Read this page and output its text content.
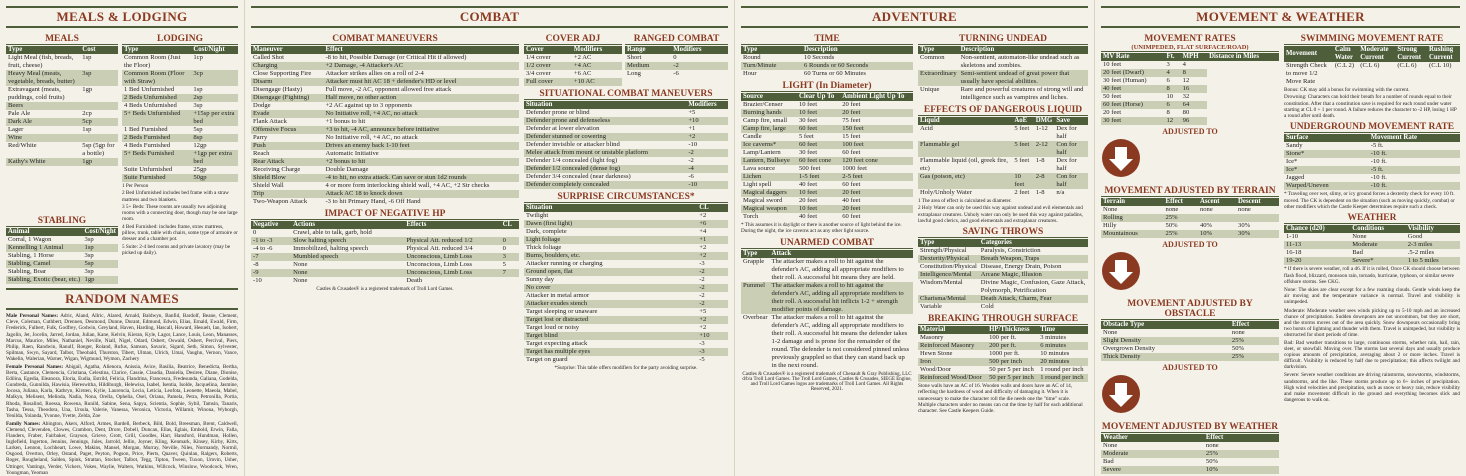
MEALS & LODGING
MEALS
Type	Cost
Light Meal (fish, breads, fruit, cheese)	1sp
Heavy Meal (meats, vegetable, breads, butter)	3sp
Extravagant (meats, puddings, cold fruits)	1gp
Beers	
Pale Ale	2cp
Dark Ale	5cp
Lager	1sp
Wine	
Red/White	5sp (5gp for a bottle)
Kathy's White	1gp
LODGING
Type	Cost/Night
Common Room (Just the Floor)	1cp
Common Room (Floor with Straw)	3cp
1 Bed Unfurnished	1sp
2 Beds Unfurnished	2sp
4 Beds Unfurnished	3sp
5+ Beds Unfurnished	+15sp per extra bed
1 Bed Furnished	5sp
2 Beds Furnished	8sp
4 Beds Furnished	12gp
5+ Beds Furnished	+1gp per extra bed
Suite Unfurnished	25gp
Suite Furnished	50gp
1 Per Person
2 Bed Unfurnished includes bed frame with a straw mattress and two blankets.
3 5+ Beds: These rooms are usually two adjoining rooms with a connecting door, though may be one large room.
4 Bed Furnished: includes frame, straw mattress, pillow, trunk, table with chairs, some type of armoire or dresser and a chamber pot.
5 Suite: 2-4 bed rooms and private lavatory (may be picked up daily).
STABLING
Animal	Cost/Night
Corral, 1 Wagon	3sp
Kennelling 1 Animal	1sp
Stabling, 1 Horse	3sp
Stabling, Camel	5sp
Stabling, Boar	3sp
Stabling, Exotic (bear, etc.)	1gp
RANDOM NAMES

Male Personal Names: Adric, Aland, Allric, Alared, Arnald, Baldwyn, Banfid, Bardolf, Beane, Clement, Cleve, Coleman, Cuthbert, Drennen, Desmond, Dunne, Durant, Edmund, Edwin, Elias, Ernald, Ewald, Firm, Frederick, Fulbert, Fulk, Godfrey, Godwin, Greyland, Haven, Harding, Hascall, Howard, Hesuelt, Ian, Isobert, Jagolin, Jet, Jocelin, Jarred, Jordan, Julian, Kane, Kelvin, Kieran, Kyle, Lagor, Lance, Louis, Leon, Manasses, Marcus, Maurice, Miles, Nathaniel, Neville, Niall, Nigel, Odard, Osbert, Oswald, Osbert, Percival, Piers, Philip, Raen, Randwin, Ranulf, Roeger, Roland, Rufus, Samson, Savaric, Sigard, Seth, Simon, Sylvester, Spilman, Swyn, Sayard, Talbot, Theobald, Thurston, Tibert, Ulman, Ulrich, Umai, Vaughn, Vernon, Vance, Wakelin, Walerian, Warner, Wigan, Wigmund, Wymon, Zachery

Female Personal Names: Abigail, Agatha, Alienora, Anissia, Avice, Basilia, Beatrice, Benedicta, Bertha, Berta, Castance, Clemencia, Cristiana, Celestina, Clarice, Cassie, Claudia, Daniella, Desiree, Diane, Dionise, Edilina, Egedia, Eleanora, Eloria, Eudia, Estrild, Felicia, Flandrina, Francesca, Fredesunda, Galiana, Godelda, Gundreda, Gunnilda, Hawisia, Hereswitha, Hildiburgh, Helewisa, Isabel, Isentia, Isolde, Jacquelina, Jasmine, Jocosa, Juliana, Karla, Kathryn, Kirsten, Kylie, Laurencia, Lecia, Leticia, Leofota, Leonette, Maeola, Mabel, Malkyn, Melisent, Melinda, Nadia, Nona, Orella, Ophelia, Osel, Oriana, Pamela, Petra, Petronilla, Portia, Rhoda, Rosalind, Roessa, Rowena, Runild, Sabine, Sena, Sapya, Scientia, Sophie, Sybil, Tamsin, Tanaris, Tasha, Tessa, Theodora, Una, Ursula, Valerie, Vanessa, Veronica, Victoria, Willamit, Winona, Wyborgh, Yenilda, Yolanda, Yvonne, Yvette, Zelda, Zoe

Family Names: Abington, Akers, Alford, Armes, Bardell, Berbeck, Bild, Bold, Breesman, Brent, Caldwell, Clemend, Clevenden, Clowes, Crambon, Dent, Drore, Dobell, Duncan, Ellas, Eglais, Embold, Erwin, Falla, Flanders, Fraber, Fairbaker, Grayson, Grieve, Grott, Grill, Goodles, Harr, Hansford, Hundman, Hollen, Inglefield, Ingerton, Jennins, Jennings, Jules, Jarrold, Jellin, Joyner, Kling, Kenmark, Kinsey, Kirby, Kirts, Larken, Lennon, Lochheart, Lowe, Makins, Mansel, Morgan, Murray, Neville, Niles, Normandy, Normil, Osgood, Overton, Orley, Ostand, Paget, Peyton, Pogson, Price, Pierts, Quaver, Quinlan, Ralgers, Roberts, Roger, Rougheland, Salden, Spink, Strattan, Stocker, Talbot, Tegg, Tipton, Tween, Tuxon, Umvin, Usher, Uttinger, Vantings, Verder, Vickers, Vokes, Waylie, Walters, Watkins, Willcock, Winslow, Woodcock, Wren, Youngman, Yeoman

COMBAT
COMBAT MANEUVERS
Maneuver	Effect
Called Shot	-8 to hit, Possible Damage (or Critical Hit if allowed)
Charging	+2 Damage, -4 Attacker's AC
Close Supporting Fire	Attacker strikes allies on a roll of 2-4
Disarm	Attacker must hit AC 18 + defender's HD or level
Disengage (Hasty)	Full move, -2 AC, opponent allowed free attack
Disengage (Fighting)	Half move, no other action
Dodge	+2 AC against up to 3 opponents
Evade	No Initiative roll, +4 AC, no attack
Flank Attack	+1 bonus to hit
Offensive Focus	+3 to hit, -4 AC, announce before initiative
Parry	No Initiative roll, +4 AC, no attack
Push	Drives an enemy back 1-10 feet
Reach	Automatic Initiative
Rear Attack	+2 bonus to hit
Receiving Charge	Double Damage
Shield Blow	-4 to hit, no extra attack. Can save or stun 1d2 rounds
Shield Wall	4 or more form interlocking shield wall, +4 AC, +2 Str checks
Trip	Attack AC 18 to knock down
Two-Weapon Attack	-3 to hit Primary Hand, -6 Off Hand
IMPACT OF NEGATIVE HP
Negative	Actions	Effects	CL
0	Crawl, able to talk, garb, hold		
-1 to -3	Slow halting speech	Physical Att. reduced 1/2	0
-4 to -6	Immobilized, halting speech	Physical Att. reduced 3/4	0
-7	Mumbled speech	Unconscious, Limb Loss	3
-8	None	Unconscious, Limb Loss	5
-9	None	Unconscious, Limb Loss	7
-10	None	Death	
Castles & Crusades® is a registered trademark of Troll Lord Games.
COVER ADJ
Cover	Modifiers
1/4 cover	+2 AC
1/2 cover	+4 AC
3/4 cover	+6 AC
Full cover	+10 AC
RANGED COMBAT
Range	Modifiers
Short	0
Medium	-2
Long	-6
SITUATIONAL COMBAT MANEUVERS
Situation	Modifiers
Defender prone or blind	+5
Defender prone and defenseless	+10
Defender at lower elevation	+1
Defender stunned or cowering	+2
Defender invisible or attacker blind	-10
Melee attack from mount or unstable platform	-2
Defender 1/4 concealed (light fog)	-2
Defender 1/2 concealed (dense fog)	-4
Defender 3/4 concealed (near darkness)	-6
Defender completely concealed	-10
SURPRISE CIRCUMSTANCES*
Situation	CL
Twilight	+2
Dawn (first light)	+6
Dark, complete	+4
Light foliage	+1
Thick foliage	+2
Burns, boulders, etc.	+2
Attacker running or charging	-3
Ground open, flat	-2
Sunny day	-2
No cover	-2
Attacker in metal armor	-2
Attacker exudes stench	-2
Target sleeping or unaware	+5
Target lost or distracted	+2
Target loud or noisy	+2
Target blind	+10
Target expecting attack	-3
Target has multiple eyes	-3
Target on guard	-5
*Surprise: This table offers modifiers for the party avoiding surprise.
ADVENTURE
TIME
Type	Description
Round	10 Seconds
Turn/Minute	6 Rounds or 60 Seconds
Hour	60 Turns or 60 Minutes
LIGHT (In Diameter)
Source	Clear Up To	Ambient Light Up To
Brazier/Censer	10 feet	20 feet
Burning hands	10 feet	20 feet
Camp fire, small	30 feet	75 feet
Camp fire, large	60 feet	150 feet
Candle	5 feet	15 feet
Ice caverns*	60 feet	100 feet
Lamp/Lantern	30 feet	60 feet
Lantern, Bullseye	60 feet cone	120 feet cone
Lava source	500 feet	1000 feet
Lichen	1-5 feet	2-5 feet
Light spell	40 feet	60 feet
Magical daggers	10 feet	20 feet
Magical sword	20 feet	40 feet
Magical weapon	10 feet	20 feet
Torch	40 feet	60 feet
* This assumes it is daylight or there is another source of light behind the ice. During the night, the ice caverns act as any other light source.
UNARMED COMBAT
Type	Attack
Grapple	The attacker makes a roll to hit against the defender's AC, adding all appropriate modifiers to their roll. A successful hit means they are held.
Pummel	The attacker makes a roll to hit against the defender's AC, adding all appropriate modifiers to their roll. A successful hit inflicts 1-2 + strength modifier points of damage.
Overbear	The attacker makes a roll to hit against the defender's AC, adding all appropriate modifiers to their roll. A successful hit means the defender takes 1-2 damage and is prone for the remainder of the round. The defender is not considered pinned unless previously grappled so that they can stand back up in the next round.
Castles & Crusades® is a registered trademark of Chenault & Gray Publishing, LLC d/b/a Troll Lord Games. The Troll Lord Games, Castles & Crusades, SIEGE Engine, and Troll Lord Games logos are trademarks of Troll Lord Games. All Rights Reserved, 2021.
TURNING UNDEAD
Type	Description
Common	Non-sentient, automaton-like undead such as skeletons and zombies.
Extraordinary	Semi-sentient undead of great power that usually have special abilities.
Unique	Rare and powerful creatures of strong will and intelligence such as vampires and liches.
EFFECTS OF DANGEROUS LIQUID
Liquid	AoE	DMG	Save
Acid	5 feet	1-12	Dex for half
Flammable gel	5 feet	2-12	Con for half
Flammable liquid (oil, greek fire, etc)	5 feet	1-8	Dex for half
Gas (poison, etc)	10 feet	2-8	Con for half
Holy/Unholy Water	2 feet	1-8	n/a
1 The area of effect is calculated as diameter.
2 Holy Water can only be used this way against undead and evil elementals and extraplanar creatures. Unholy water can only be used this way against paladins, lawful good clerics, and good elementals and extraplanar creatures.
SAVING THROWS
Type	Categories
Strength/Physical	Paralysis, Constriction
Dexterity/Physical	Breath Weapon, Traps
Constitution/Physical	Disease, Energy Drain, Poison
Intelligence/Mental	Arcane Magic, Illusion
Wisdom/Mental	Divine Magic, Confusion, Gaze Attack, Polymorph, Petrification
Charisma/Mental	Death Attack, Charm, Fear
Variable	Cold
BREAKING THROUGH SURFACE
Material	HP/Thickness	Time
Masonry	100 per ft.	3 minutes
Reinforced Masonry	200 per ft.	6 minutes
Hewn Stone	1000 per ft.	10 minutes
Iron	500 per inch	20 minutes
Wood/Door	50 per 5 per inch	1 round per inch
Reinforced Wood/Door	50 per 5 per inch	1 round per inch
Stone walls have an AC of 16. Wooden walls and doors have an AC of 14, reflecting the hardness of wood and difficulty of damaging it. When it is unnecessary to make the character roll the die needs one the "time" scale. Multiple characters under no means can cut the time by half for each additional character. See Castle Keepers Guide.
MOVEMENT & WEATHER
MOVEMENT RATES
(UNIMPEDED, FLAT SURFACE/ROAD)
MV Rate	Ft.	MPH	Distance in Miles
10 feet	3	4	
20 feet (Dwarf)	4	8	
30 feet (Human)	6	12	
40 feet	8	16	
50 feet	10	32	
60 feet (Horse)	6	64	
20 feet	8	80	
30 feet	12	96	
ADJUSTED TO
MOVEMENT ADJUSTED BY TERRAIN
Terrain	Effect	Ascent	Descent
None	none	none	none
Rolling	25%		
Hilly	50%	40%	30%
Mountainous	25%	10%	30%
ADJUSTED TO
MOVEMENT ADJUSTED BY OBSTACLE
Obstacle Type	Effect
None	none
Slight Density	25%
Overgrown Density	50%
Thick Density	25%
ADJUSTED TO
MOVEMENT ADJUSTED BY WEATHER
Weather	Effect
None	none
Moderate	25%
Bad	50%
Severe	10%
SWIMMING MOVEMENT RATE
Movement	Calm Water	Moderate Current	Strong Current	Rushing Current
Strength Check to move 1/2 Move Rate	(C.L 2)	(C.L 6)	(C.L 6)	(C.L 10)
Bonus: CK may add a bonus for swimming with the current.
Drowning: Characters can hold their breath for a number of rounds equal to their constitution. After that a constitution save is required for each round under water starting at CL 0 + 1 per round. A failure reduces the character to -2 HP, losing 1 HP a round after until death.
UNDERGROUND MOVEMENT RATE
Surface	Movement Rate
Sandy	-5 ft.
Stone*	-10 ft.
Ice*	-10 ft.
Ice*	-5 ft.
Jagged	-10 ft.
Warped/Uneven	-10 ft.
* Traveling over wet, slimy, or icy ground forces a dexterity check for every 10 ft. moved. The CK is dependent on the situation (such as moving quickly, combat) or other modifiers which the Castle Keeper determines require such a check.
WEATHER
Chance (d20)	Conditions	Visibility
1-10	None	Good
11-13	Moderate	2-3 miles
16-18	Bad	.5-2 miles
19-20	Severe*	1 to 5 miles
* If there is severe weather, roll a d6. If it is rolled, Once CK should choose between flash flood, blizzard, monsoon rain, tornado, hurricane, typhoon, or similar severe offshore storms. See CKG.

None: The skies are clear except for a few roaming clouds. Gentle winds keep the air moving and the temperature variance is normal. Travel and visibility is unimpeded.

Moderate: Moderate weather sees winds picking up to 5-10 mph and an increased chance of precipitation. Sudden downpours are not uncommon, but they are short, and the storms moves out of the area quickly. Snow downpours occasionally bring two bursts of lightning and thunder with them. Travel is unimpeded, but visibility is obstructed for short periods of time.

Bad: Bad weather transitions to large, continuous storms, whether rain, hail, rain, sleet, or snowfall. Moving over. The storms last several days and usually produce copious amounts of precipitation, averaging about 2 or more inches. Travel is difficult. Visibility is reduced by half due to precipitation; this affects twilight and darkvision.

Severe: Severe weather conditions are driving rainstorms, snowstorms, windstorms, sandstorms, and the like. These storms produce up to 6+ inches of precipitation. High wind velocities and precipitation, such as snow or heavy rain, reduce visibility and make movement difficult in the ground and everything becomes slick and dangerous to walk on.
